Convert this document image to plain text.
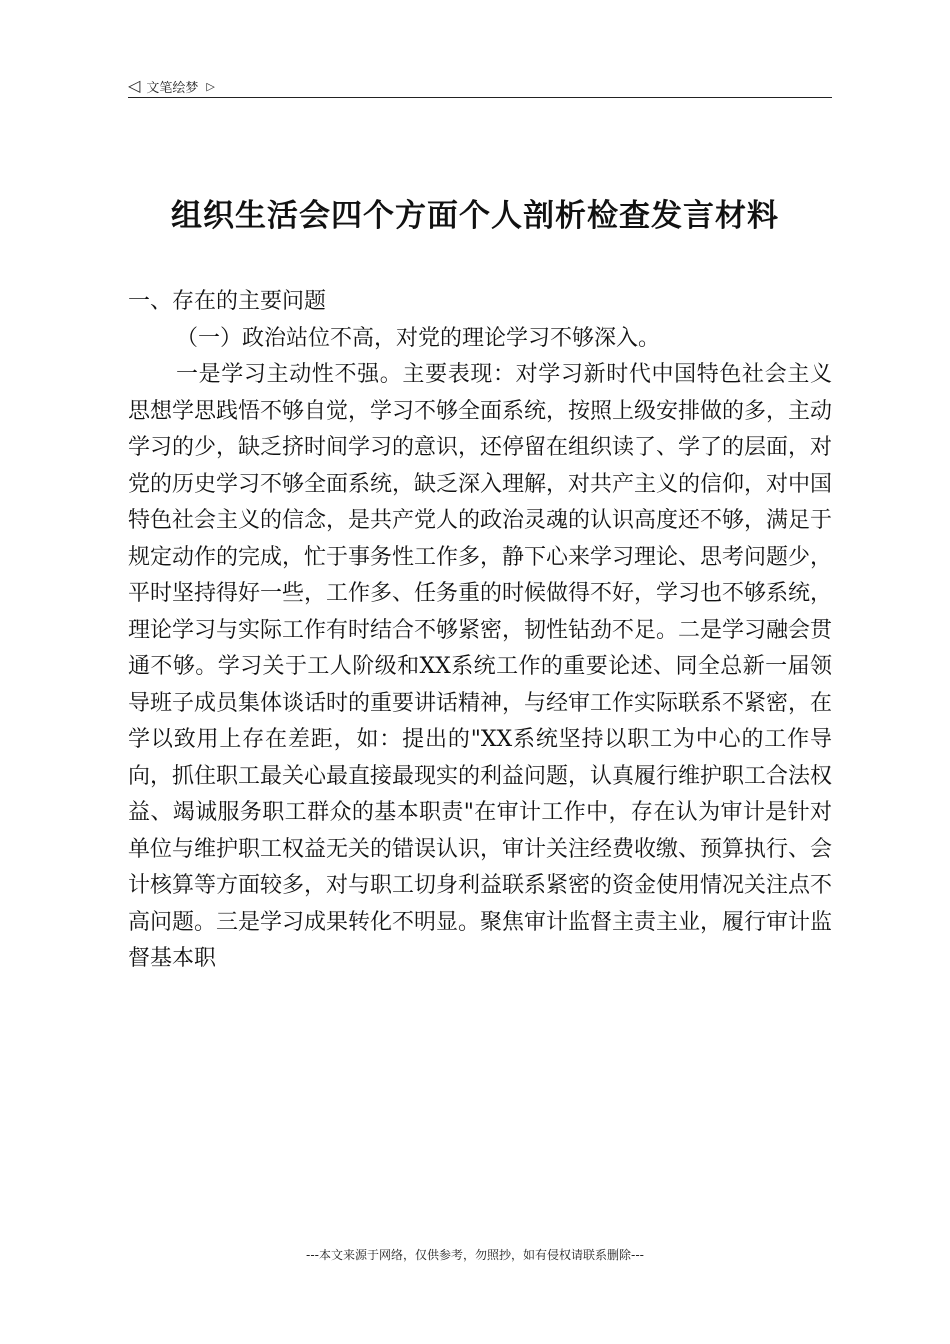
◁ 文笔绘梦 ▷
组织生活会四个方面个人剖析检查发言材料

一、存在的主要问题

（一）政治站位不高，对党的理论学习不够深入。

一是学习主动性不强。主要表现：对学习新时代中国特色社会主义思想学思践悟不够自觉，学习不够全面系统，按照上级安排做的多，主动学习的少，缺乏挤时间学习的意识，还停留在组织读了、学了的层面，对党的历史学习不够全面系统，缺乏深入理解，对共产主义的信仰，对中国特色社会主义的信念，是共产党人的政治灵魂的认识高度还不够，满足于规定动作的完成，忙于事务性工作多，静下心来学习理论、思考问题少，平时坚持得好一些，工作多、任务重的时候做得不好，学习也不够系统，理论学习与实际工作有时结合不够紧密，韧性钻劲不足。二是学习融会贯通不够。学习关于工人阶级和XX系统工作的重要论述、同全总新一届领导班子成员集体谈话时的重要讲话精神，与经审工作实际联系不紧密，在学以致用上存在差距，如：提出的"XX系统坚持以职工为中心的工作导向，抓住职工最关心最直接最现实的利益问题，认真履行维护职工合法权益、竭诚服务职工群众的基本职责"在审计工作中，存在认为审计是针对单位与维护职工权益无关的错误认识，审计关注经费收缴、预算执行、会计核算等方面较多，对与职工切身利益联系紧密的资金使用情况关注点不高问题。三是学习成果转化不明显。聚焦审计监督主责主业，履行审计监督基本职

---本文来源于网络，仅供参考，勿照抄，如有侵权请联系删除---
